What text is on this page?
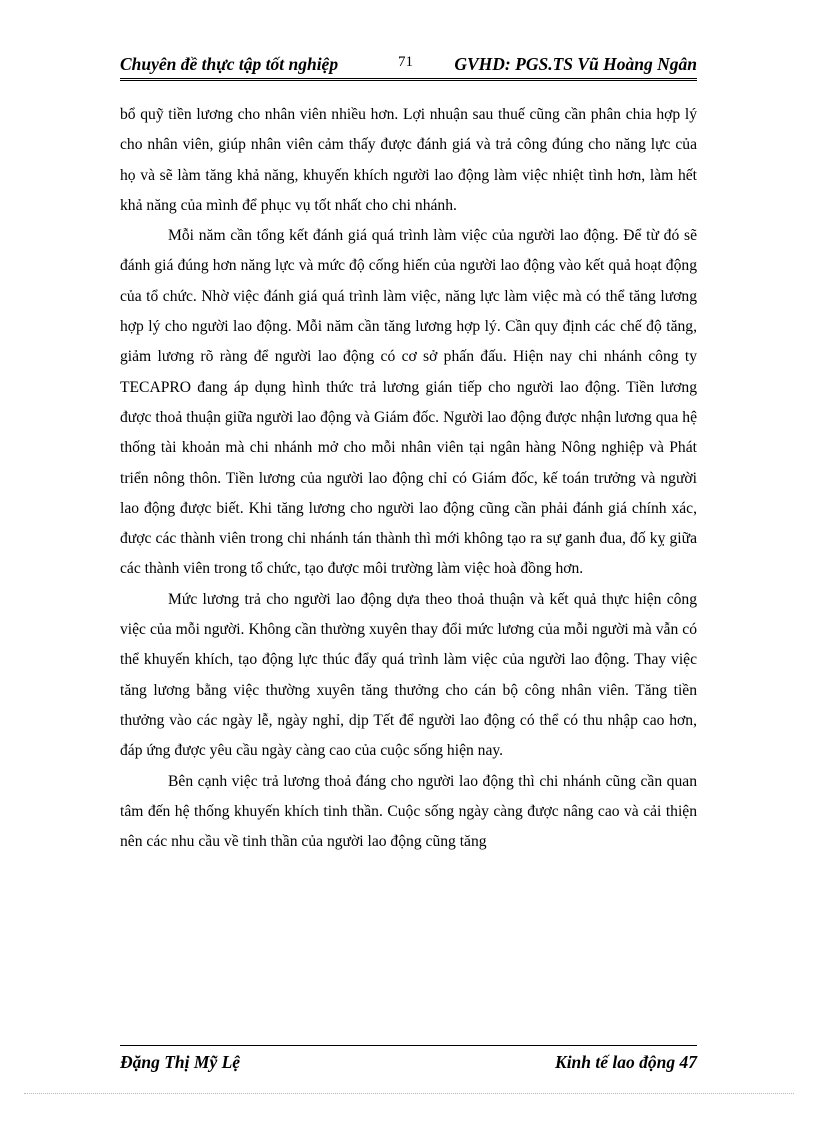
Chuyên đề thực tập tốt nghiệp	71 GVHD: PGS.TS Vũ Hoàng Ngân

bổ quỹ tiền lương cho nhân viên nhiều hơn. Lợi nhuận sau thuế cũng cần phân chia hợp lý cho nhân viên, giúp nhân viên cảm thấy được đánh giá và trả công đúng cho năng lực của họ và sẽ làm tăng khả năng, khuyến khích người lao động làm việc nhiệt tình hơn, làm hết khả năng của mình để phục vụ tốt nhất cho chi nhánh.

Mỗi năm cần tổng kết đánh giá quá trình làm việc của người lao động. Để từ đó sẽ đánh giá đúng hơn năng lực và mức độ cống hiến của người lao động vào kết quả hoạt động của tổ chức. Nhờ việc đánh giá quá trình làm việc, năng lực làm việc mà có thể tăng lương hợp lý cho người lao động. Mỗi năm cần tăng lương hợp lý. Cần quy định các chế độ tăng, giảm lương rõ ràng để người lao động có cơ sở phấn đấu. Hiện nay chi nhánh công ty TECAPRO đang áp dụng hình thức trả lương gián tiếp cho người lao động. Tiền lương được thoả thuận giữa người lao động và Giám đốc. Người lao động được nhận lương qua hệ thống tài khoản mà chi nhánh mở cho mỗi nhân viên tại ngân hàng Nông nghiệp và Phát triển nông thôn. Tiền lương của người lao động chỉ có Giám đốc, kế toán trưởng và người lao động được biết. Khi tăng lương cho người lao động cũng cần phải đánh giá chính xác, được các thành viên trong chi nhánh tán thành thì mới không tạo ra sự ganh đua, đố kỵ giữa các thành viên trong tổ chức, tạo được môi trường làm việc hoà đồng hơn.

Mức lương trả cho người lao động dựa theo thoả thuận và kết quả thực hiện công việc của mỗi người. Không cần thường xuyên thay đổi mức lương của mỗi người mà vẫn có thể khuyến khích, tạo động lực thúc đẩy quá trình làm việc của người lao động. Thay việc tăng lương bằng việc thường xuyên tăng thưởng cho cán bộ công nhân viên. Tăng tiền thưởng vào các ngày lễ, ngày nghỉ, dịp Tết để người lao động có thể có thu nhập cao hơn, đáp ứng được yêu cầu ngày càng cao của cuộc sống hiện nay.

Bên cạnh việc trả lương thoả đáng cho người lao động thì chi nhánh cũng cần quan tâm đến hệ thống khuyến khích tinh thần. Cuộc sống ngày càng được nâng cao và cải thiện nên các nhu cầu về tinh thần của người lao động cũng tăng

Đặng Thị Mỹ Lệ	Kinh tế lao động 47
